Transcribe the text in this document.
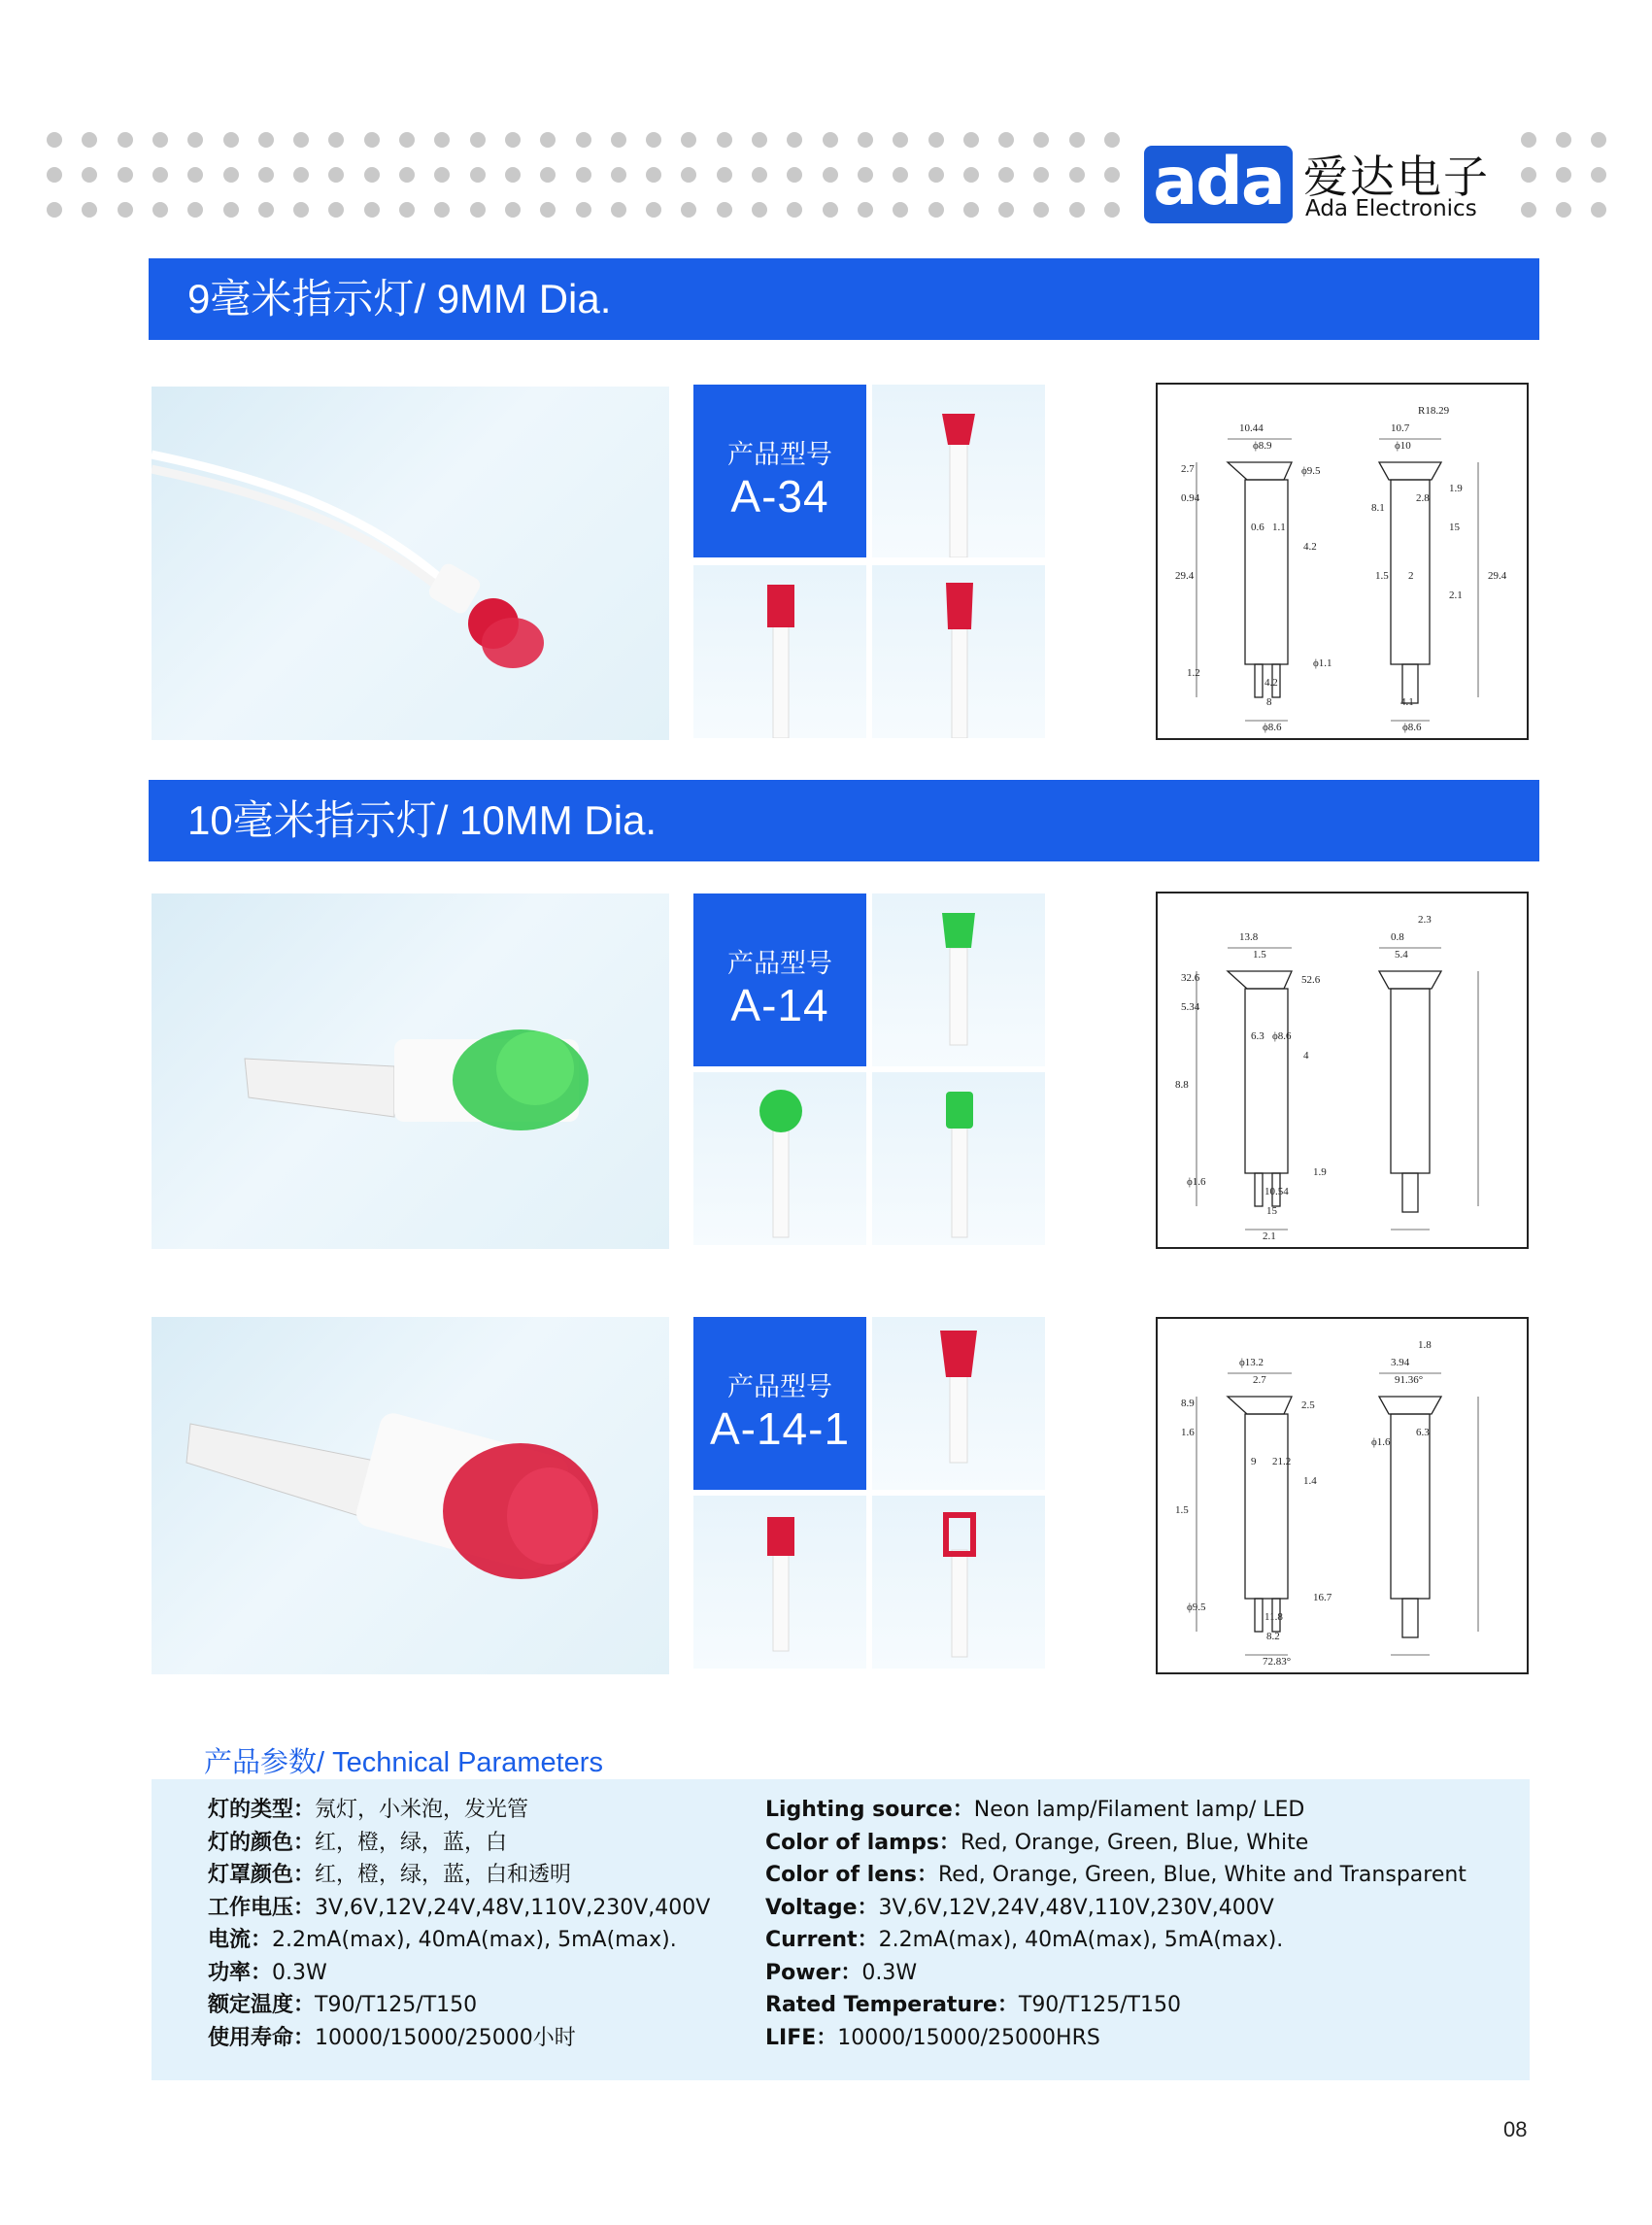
ada 爱达电子
Ada Electronics
9毫米指示灯/ 9MM Dia.
产品型号
A-34
10.44
ϕ8.9
0.94
2.7	ϕ9.5
29.4
0.6 1.1
4.2
1.2
4.2
8
ϕ8.6
ϕ1.1
R18.29
10.7
ϕ10
8.1
2.8
1.9
15
1.5 2
2.1
29.4
4.1
ϕ8.6
10毫米指示灯/ 10MM Dia.
产品型号
A-14
13.8
1.5
5.34
32.6	52.6
8.8
6.3 ϕ8.6
4
ϕ1.6
10.54
15
2.1
1.9
2.3
0.8
5.4
产品型号
A-14-1
ϕ13.2
2.7
1.6
8.9	2.5
1.5
9 21.2
1.4
ϕ9.5
11.8
8.2
72.83°
16.7
1.8
3.94
91.36°
ϕ1.6
6.3
产品参数/ Technical Parameters
灯的类型：氖灯，小米泡，发光管
灯的颜色：红，橙，绿，蓝，白
灯罩颜色：红，橙，绿，蓝，白和透明
工作电压：3V,6V,12V,24V,48V,110V,230V,400V
电流：2.2mA(max), 40mA(max), 5mA(max).
功率：0.3W
额定温度：T90/T125/T150
使用寿命：10000/15000/25000小时
Lighting source：Neon lamp/Filament lamp/ LED
Color of lamps：Red, Orange, Green, Blue, White
Color of lens：Red, Orange, Green, Blue, White and Transparent
Voltage：3V,6V,12V,24V,48V,110V,230V,400V
Current：2.2mA(max), 40mA(max), 5mA(max).
Power：0.3W
Rated Temperature：T90/T125/T150
LIFE：10000/15000/25000HRS
08
